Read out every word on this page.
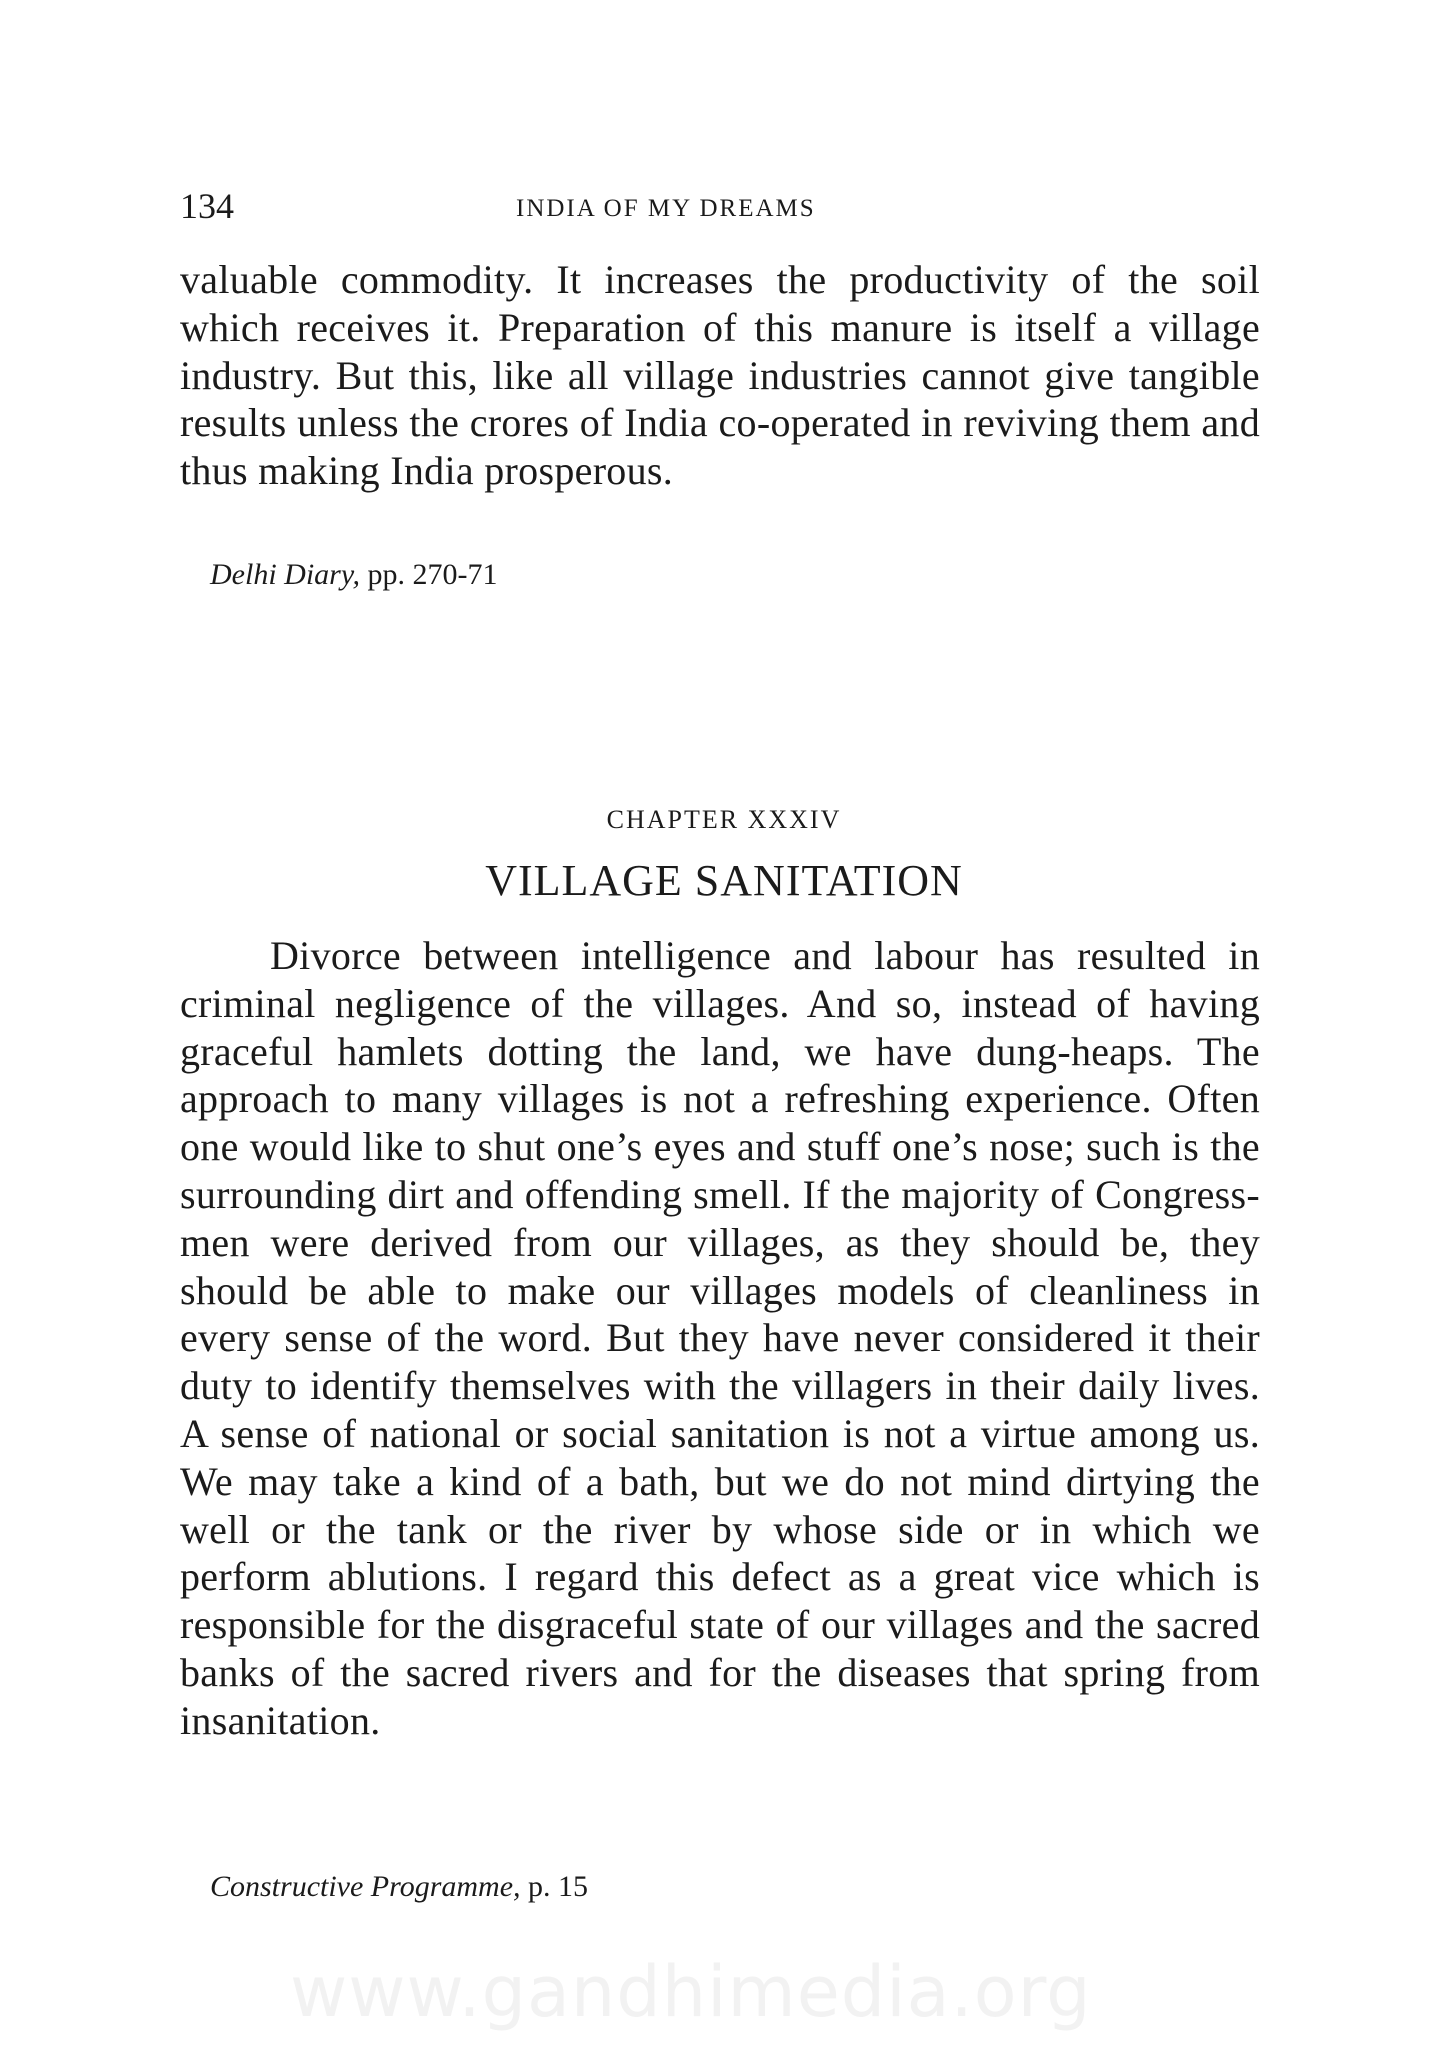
134	INDIA OF MY DREAMS

valuable commodity. It increases the productivity of the soil which receives it. Preparation of this manure is itself a village industry. But this, like all village industries cannot give tangible results unless the crores of India co-operated in reviving them and thus making India prosperous.

Delhi Diary, pp. 270-71
CHAPTER XXXIV
VILLAGE SANITATION

Divorce between intelligence and labour has resulted in criminal negligence of the villages. And so, instead of having graceful hamlets dotting the land, we have dung-heaps. The approach to many villages is not a refreshing experience. Often one would like to shut one’s eyes and stuff one’s nose; such is the surrounding dirt and offending smell. If the majority of Congress-men were derived from our villages, as they should be, they should be able to make our villages models of cleanliness in every sense of the word. But they have never considered it their duty to identify themselves with the villagers in their daily lives. A sense of national or social sanitation is not a virtue among us. We may take a kind of a bath, but we do not mind dirtying the well or the tank or the river by whose side or in which we perform ablutions. I regard this defect as a great vice which is responsible for the disgraceful state of our villages and the sacred banks of the sacred rivers and for the diseases that spring from insanitation.

Constructive Programme, p. 15
www.gandhimedia.org
